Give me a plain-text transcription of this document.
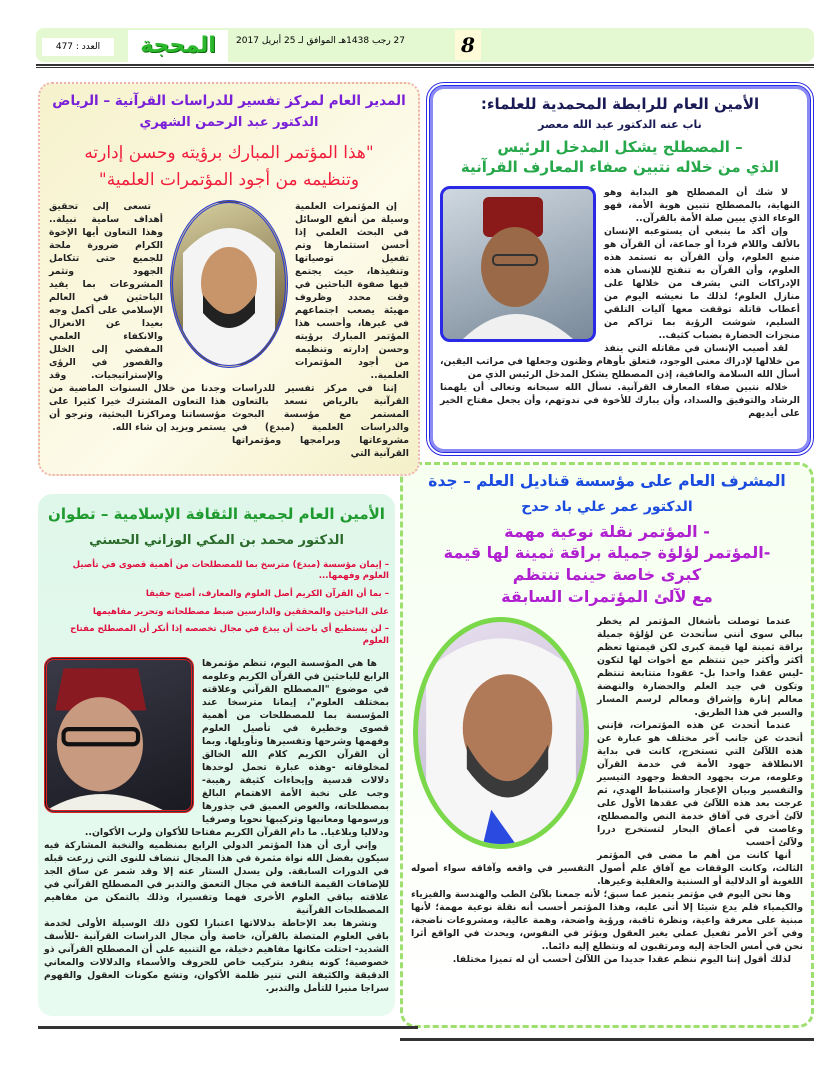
8
27 رجب 1438هـ الموافق لـ 25 أبريل 2017
المحجة
العدد : 477
الأمين العام للرابطة المحمدية للعلماء:
ناب عنه الدكتور عبد الله معصر
– المصطلح يشكل المدخل الرئيس
الذي من خلاله نتبين صفاء المعارف القرآنية

لا شك أن المصطلح هو البداية وهو النهاية، بالمصطلح تتبين هوية الأمة، فهو الوعاء الذي يبين صلة الأمة بالقرآن..

وإن أكد ما ينبغي أن يستوعبه الإنسان بالألف واللام فردا أو جماعة، أن القرآن هو منبع العلوم، وأن القرآن به تستمد هذه العلوم، وأن القرآن به تنفتح للإنسان هذه الإدراكات التي يشرف من خلالها على منازل العلوم؛ لذلك ما نعيشه اليوم من أعطاب قاتلة توقفت معها آليات التلقي السليم، شوشت الرؤية بما تراكم من منجزات الحضارة بضباب كثيف..

لقد أصيب الإنسان في مقاتله التي ينفذ من خلالها لإدراك معنى الوجود، فتعلق بأوهام وظنون وجعلها في مراتب اليقين، أسأل الله السلامة والعافية، إذن المصطلح يشكل المدخل الرئيس الذي من

خلاله نتبين صفاء المعارف القرآنية. نسأل الله سبحانه وتعالى أن يلهمنا الرشاد والتوفيق والسداد، وأن يبارك للأخوة في ندوتهم، وأن يجعل مفتاح الخير على أيديهم

المشرف العام على مؤسسة قناديل العلم – جدة
الدكتور عمر علي باد حدح
- المؤتمر نقلة نوعية مهمة
-المؤتمر لؤلؤة جميلة براقة ثمينة لها قيمة
كبرى خاصة حينما تنتظم
مع لآلئ المؤتمرات السابقة

عندما توصلت بأشغال المؤتمر لم يخطر ببالي سوى أنني سأتحدث عن لؤلؤة جميلة براقة ثمينة لها قيمة كبرى لكن قيمتها تعظم أكثر وأكثر حين تنتظم مع أخوات لها لتكون -ليس عقدا واحدا بل- عقودا متتابعة تنتظم وتكون في جيد العلم والحضارة والنهضة معالم إنارة وإشراق ومعالم لرسم المسار والسير في هذا الطريق.

عندما أتحدث عن هذه المؤتمرات، فإنني أتحدث عن جانب آخر مختلف هو عبارة عن هذه اللآلئ التي تستخرج، كانت في بداية الانطلاقة جهود الأمة في خدمة القرآن وعلومه، مرت بجهود الحفظ وجهود التيسير والتفسير وبيان الإعجاز واستنباط الهدي، ثم عرجت بعد هذه اللآلئ في عقدها الأول على لآلئ أخرى في آفاق خدمة النص والمصطلح، وغاصت في أعماق البحار لتستخرج دررا ولآلئ أحسب

أنها كانت من أهم ما مضى في المؤتمر الثالث، وكانت الوقفات مع آفاق علم أصول التفسير في واقعه وآفاقه سواء أصوله اللغوية أو الدلالية أو السننية والعقلية وغيرها.

وها نحن اليوم في مؤتمر يتميز عما سبق؛ لأنه جمعنا بلآلئ الطب والهندسة والفيزياء والكيمياء فلم يدع شيئا إلا أتى عليه، وهذا المؤتمر أحسب أنه نقلة نوعية مهمة؛ لأنها مبنية على معرفة واعية، ونظرة ثاقبة، ورؤية واضحة، وهمة عالية، ومشروعات ناضجة، وفي آخر الأمر تفعيل عملي يغير العقول ويؤثر في النفوس، ويحدث في الواقع أثرا نحن في أمس الحاجة إليه ومرتقبون له ونتطلع إليه دائما..

لذلك أقول إننا اليوم ننظم عقدا جديدا من اللآلئ أحسب أن له تميزا مختلفا.

المدير العام لمركز تفسير للدراسات القرآنية – الرياض
الدكتور عبد الرحمن الشهري
"هذا المؤتمر المبارك برؤيته وحسن إدارته
وتنظيمه من أجود المؤتمرات العلمية"

إن المؤتمرات العلمية وسيلة من أنفع الوسائل في البحث العلمي إذا أحسن استثمارها وتم تفعيل توصياتها وتنفيذها، حيث يجتمع فيها صفوة الباحثين في وقت محدد وظروف مهيئة يصعب اجتماعهم في غيرها، وأحسب هذا المؤتمر المبارك برؤيته وحسن إدارته وتنظيمه من أجود المؤتمرات العلمية..

إننا في مركز تفسير للدراسات القرآنية بالرياض نسعد بالتعاون المستمر مع مؤسسة البحوث والدراسات العلمية (مبدع) في مشروعاتها وبرامجها ومؤتمراتها القرآنية التي

تسعى إلى تحقيق أهداف سامية نبيلة.. وهذا التعاون أيها الإخوة الكرام ضرورة ملحة للجميع حتى تتكامل الجهود وتثمر المشروعات بما يفيد الباحثين في العالم الإسلامي على أكمل وجه بعيدا عن الانعزال والانكفاء العلمي المفضي إلى الخلل والقصور في الرؤى والإستراتيجيات. وقد وجدنا من خلال السنوات الماضية من هذا التعاون المشترك خيرا كثيرا على مؤسساتنا ومراكزنا البحثية، ونرجو أن يستمر ويزيد إن شاء الله.

الأمين العام لجمعية الثقافة الإسلامية – تطوان
الدكتور محمد بن المكي الوزاني الحسني
– إيمان مؤسسة (مبدع) مترسخ بما للمصطلحات من أهمية قصوى في تأصيل العلوم وفهمها...
– بما أن القرآن الكريم أصل العلوم والمعارف، أصبح حقيقا
على الباحثين والمحققين والدارسين ضبط مصطلحاته وتحرير مفاهيمها
– لن يستطيع أي باحث أن يبدع في مجال تخصصه إذا أنكر أن المصطلح مفتاح العلوم

ها هي المؤسسة اليوم، تنظم مؤتمرها الرابع للباحثين في القرآن الكريم وعلومه في موضوع "المصطلح القرآني وعلاقته بمختلف العلوم"، إيمانا مترسخا عند المؤسسة بما للمصطلحات من أهمية قصوى وخطيرة في تأصيل العلوم وفهمها وشرحها وتفسيرها وتأويلها. وبما أن القرآن الكريم كلام الله الخالق لمخلوقاته -وهذه عبارة تحمل لوحدها دلالات قدسية وإيحاءات كثيفة رهيبة- وجب على نخبة الأمة الاهتمام البالغ بمصطلحاته، والغوص العميق في جذورها ورسومها ومعانيها وتركيبها نحويا وصرفيا ودلاليا وبلاغيا.. ما دام القرآن الكريم مفتاحا للأكوان ولرب الأكوان..

وإني أرى أن هذا المؤتمر الدولي الرابع بمنظميه والنخبة المشاركة فيه سيكون بفضل الله نواة مثمرة في هذا المجال تنضاف للنوى التي زرعت قبله في الدورات السابقة. ولن يسدل الستار عنه إلا وقد شمر عن ساق الجد للإضافات القيمة النافعة في مجال التعمق والتدبر في المصطلح القرآني في علاقته بباقي العلوم الأخرى فهما وتفسيرا، وذلك بالتمكن من مفاهيم المصطلحات القرآنية

ونشرها بعد الإحاطة بدلالاتها اعتبارا لكون ذلك الوسيلة الأولى لخدمة باقي العلوم المتصلة بالقرآن، خاصة وأن مجال الدراسات القرآنية -للأسف الشديد- احتلت مكانها مفاهيم دخيلة، مع التنبيه على أن المصطلح القرآني ذو خصوصية؛ كونه ينفرد بتركيب خاص للحروف والأسماء والدلالات والمعاني الدقيقة والكثيفة التي تنير ظلمة الأكوان، وتشع مكونات العقول والفهوم سراجا منيرا للتأمل والتدبر.
